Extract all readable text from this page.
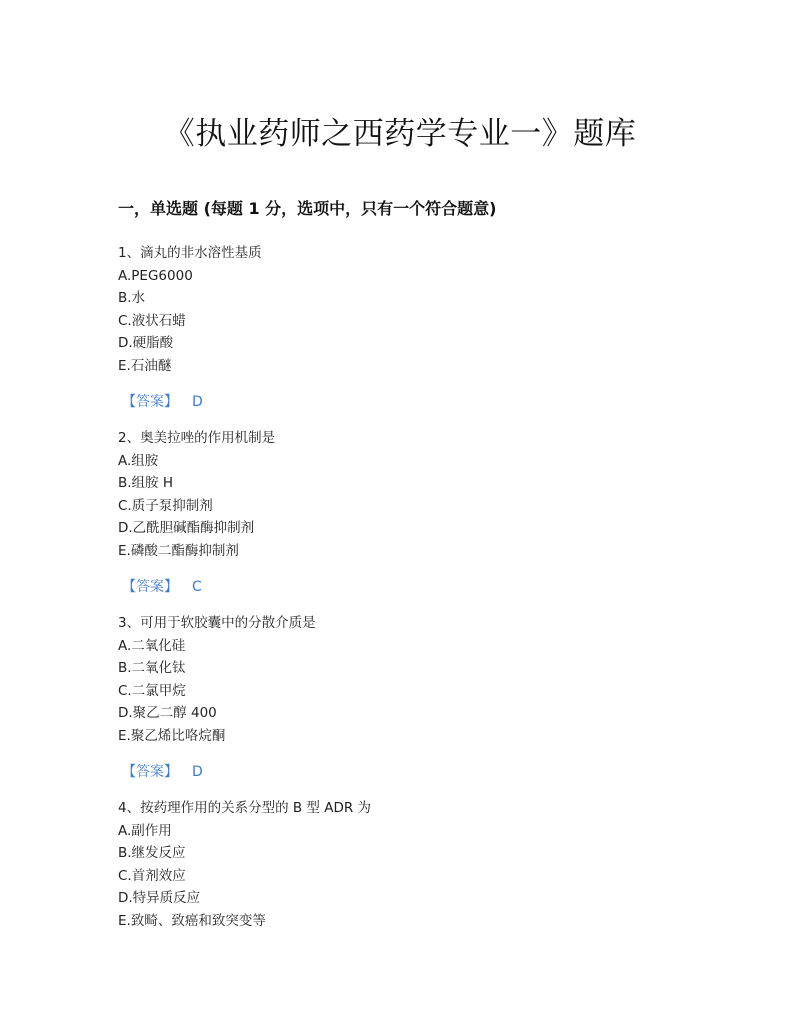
《执业药师之西药学专业一》题库
一，单选题 (每题 1 分，选项中，只有一个符合题意)
1、滴丸的非水溶性基质
A.PEG6000
B.水
C.液状石蜡
D.硬脂酸
E.石油醚
【答案】 D
2、奥美拉唑的作用机制是
A.组胺
B.组胺 H
C.质子泵抑制剂
D.乙酰胆碱酯酶抑制剂
E.磷酸二酯酶抑制剂
【答案】 C
3、可用于软胶囊中的分散介质是
A.二氧化硅
B.二氧化钛
C.二氯甲烷
D.聚乙二醇 400
E.聚乙烯比咯烷酮
【答案】 D
4、按药理作用的关系分型的 B 型 ADR 为
A.副作用
B.继发反应
C.首剂效应
D.特异质反应
E.致畸、致癌和致突变等
